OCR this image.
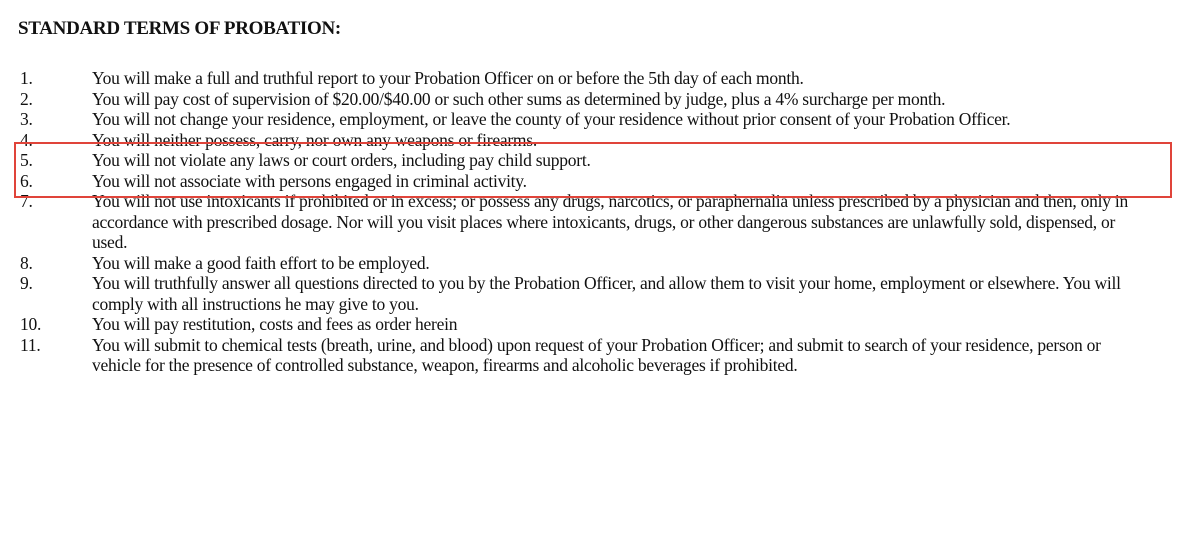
STANDARD TERMS OF PROBATION:
1.	You will make a full and truthful report to your Probation Officer on or before the 5th day of each month.
2.	You will pay cost of supervision of $20.00/$40.00 or such other sums as determined by judge, plus a 4% surcharge per month.
3.	You will not change your residence, employment, or leave the county of your residence without prior consent of your Probation Officer.
4.	You will neither possess, carry, nor own any weapons or firearms.
5.	You will not violate any laws or court orders, including pay child support.
6.	You will not associate with persons engaged in criminal activity.
7.	You will not use intoxicants if prohibited or in excess; or possess any drugs, narcotics, or paraphernalia unless prescribed by a physician and then, only in accordance with prescribed dosage. Nor will you visit places where intoxicants, drugs, or other dangerous substances are unlawfully sold, dispensed, or used.
8.	You will make a good faith effort to be employed.
9.	You will truthfully answer all questions directed to you by the Probation Officer, and allow them to visit your home, employment or elsewhere. You will comply with all instructions he may give to you.
10.	You will pay restitution, costs and fees as order herein
11.	You will submit to chemical tests (breath, urine, and blood) upon request of your Probation Officer; and submit to search of your residence, person or vehicle for the presence of controlled substance, weapon, firearms and alcoholic beverages if prohibited.
